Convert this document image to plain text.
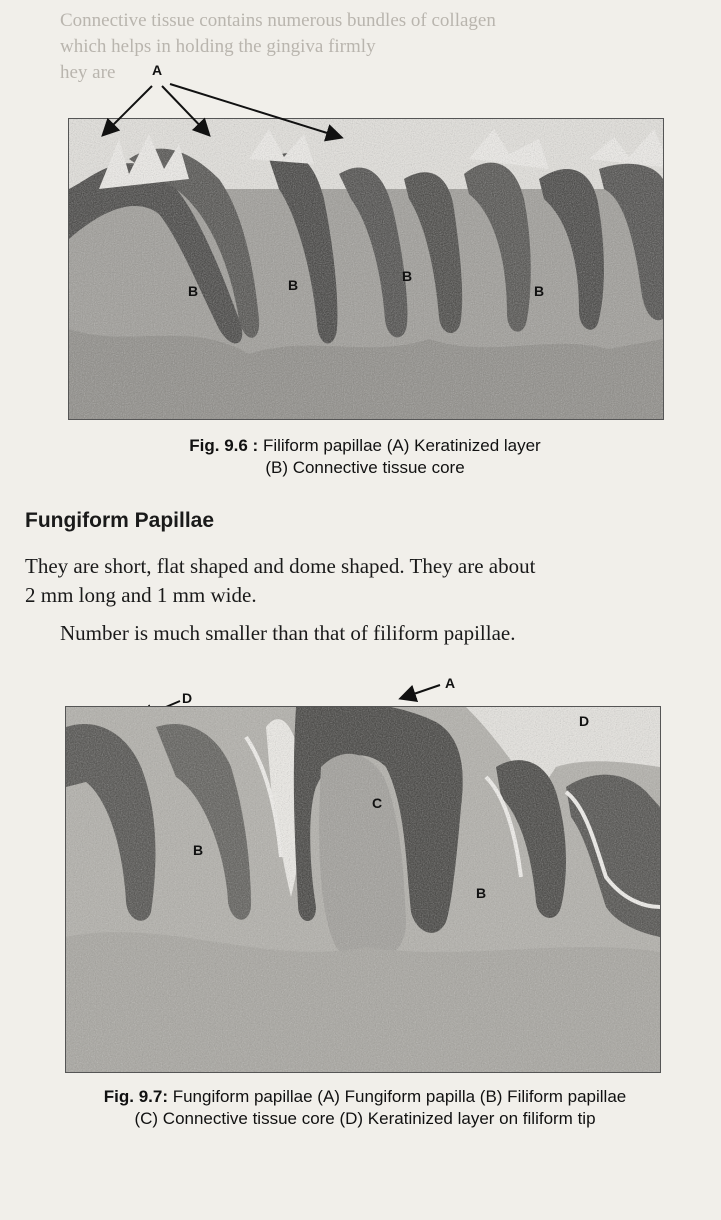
Connective tissue contains numerous bundles of collagen
which helps in holding the gingiva firmly
hey are	A
B	B
B
B
Fig. 9.6 : Filiform papillae (A) Keratinized layer
(B) Connective tissue core
Fungiform Papillae
They are short, flat shaped and dome shaped. They are about
2 mm long and 1 mm wide.
Number is much smaller than that of filiform papillae.
A
D
D
C
B
B
Fig. 9.7: Fungiform papillae (A) Fungiform papilla (B) Filiform papillae
(C) Connective tissue core (D) Keratinized layer on filiform tip
